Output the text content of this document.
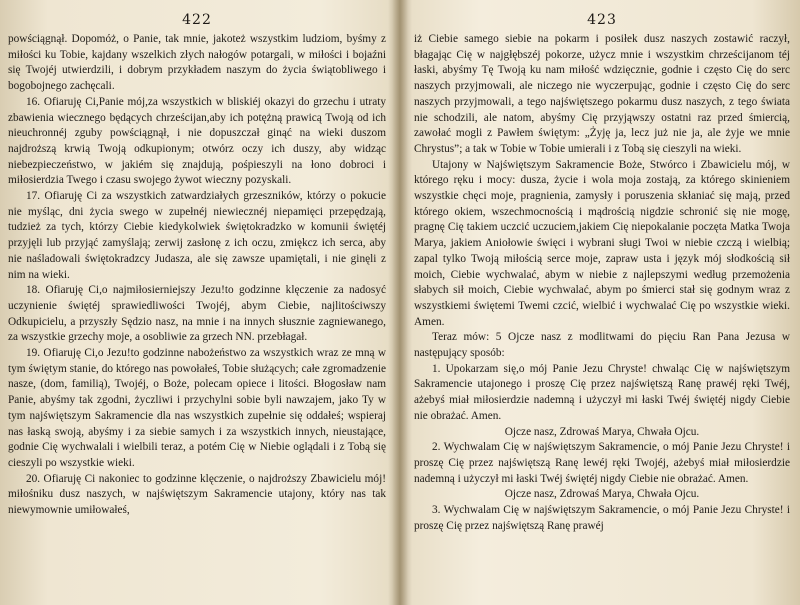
422

powściągnął. Dopomóż, o Panie, tak mnie, jakoteż wszystkim ludziom, byśmy z miłości ku Tobie, kajdany wszelkich złych nałogów potargali, w miłości i bojaźni się Twojéj utwierdzili, i dobrym przykładem naszym do życia świątobliwego i bogobojnego zachęcali.

16. Ofiaruję Ci,Panie mój,za wszystkich w bliskiéj okazyi do grzechu i utraty zbawienia wiecznego będących chrześcijan,aby ich potężną prawicą Twoją od ich nieuchronnéj zguby powściągnął, i nie dopuszczał ginąć na wieki duszom najdroższą krwią Twoją odkupionym; otwórz oczy ich duszy, aby widząc niebezpieczeństwo, w jakiém się znajdują, pośpieszyli na łono dobroci i miłosierdzia Twego i czasu swojego żywot wieczny pozyskali.

17. Ofiaruję Ci za wszystkich zatwardziałych grzeszników, którzy o pokucie nie myśląc, dni życia swego w zupełnéj niewiecznéj niepamięci przepędzają, tudzież za tych, którzy Ciebie kiedykolwiek świętokradzko w komunii świętéj przyjęli lub przyjąć zamyślają; zerwij zasłonę z ich oczu, zmiękcz ich serca, aby nie naśladowali świętokradzcy Judasza, ale się zawsze upamiętali, i nie ginęli z nim na wieki.

18. Ofiaruję Ci,o najmiłosierniejszy Jezu!to godzinne klęczenie za nadosyć uczynienie świętéj sprawiedliwości Twojéj, abym Ciebie, najlitościwszy Odkupicielu, a przyszły Sędzio nasz, na mnie i na innych słusznie zagniewanego, za wszystkie grzechy moje, a osobliwie za grzech NN. przebłagał.

19. Ofiaruję Ci,o Jezu!to godzinne nabożeństwo za wszystkich wraz ze mną w tym świętym stanie, do którego nas powołałeś, Tobie służących; całe zgromadzenie nasze, (dom, familią), Twojéj, o Boże, polecam opiece i litości. Błogosław nam Panie, abyśmy tak zgodni, życzliwi i przychylni sobie byli nawzajem, jako Ty w tym najświętszym Sakramencie dla nas wszystkich zupełnie się oddałeś; wspieraj nas łaską swoją, abyśmy i za siebie samych i za wszystkich innych, nieustające, godnie Cię wychwalali i wielbili teraz, a potém Cię w Niebie oglądali i z Tobą się cieszyli po wszystkie wieki.

20. Ofiaruję Ci nakoniec to godzinne klęczenie, o najdroższy Zbawicielu mój! miłośniku dusz naszych, w najświętszym Sakramencie utajony, który nas tak niewymownie umiłowałeś,

423

iż Ciebie samego siebie na pokarm i posiłek dusz naszych zostawić raczył, błagając Cię w najgłębszéj pokorze, użycz mnie i wszystkim chrześcijanom téj łaski, abyśmy Tę Twoją ku nam miłość wdzięcznie, godnie i często Cię do serc naszych przyjmowali, ale niczego nie wyczerpując, godnie i często Cię do serc naszych przyjmowali, a tego najświętszego pokarmu dusz naszych, z tego świata nie schodzili, ale natom, abyśmy Cię przyjąwszy ostatni raz przed śmiercią, zawołać mogli z Pawłem świętym: „Żyję ja, lecz już nie ja, ale żyje we mnie Chrystus”; a tak w Tobie w Tobie umierali i z Tobą się cieszyli na wieki.

Utajony w Najświętszym Sakramencie Boże, Stwórco i Zbawicielu mój, w którego ręku i mocy: dusza, życie i wola moja zostają, za którego skinieniem wszystkie chęci moje, pragnienia, zamysły i poruszenia skłaniać się mają, przed którego okiem, wszechmocnością i mądrością nigdzie schronić się nie mogę, pragnę Cię takiem uczcić uczuciem,jakiem Cię niepokalanie poczęta Matka Twoja Marya, jakiem Aniołowie święci i wybrani sługi Twoi w niebie czczą i wielbią; zapal tylko Twoją miłością serce moje, zapraw usta i język mój słodkością sił moich, Ciebie wychwalać, abym w niebie z najlepszymi według przemożenia słabych sił moich, Ciebie wychwalać, abym po śmierci stał się godnym wraz z wszystkiemi świętemi Twemi czcić, wielbić i wychwalać Cię po wszystkie wieki. Amen.

Teraz mów: 5 Ojcze nasz z modlitwami do pięciu Ran Pana Jezusa w następujący sposób:

1. Upokarzam się,o mój Panie Jezu Chryste! chwaląc Cię w najświętszym Sakramencie utajonego i proszę Cię przez najświętszą Ranę prawéj ręki Twéj, ażebyś miał miłosierdzie nademną i użyczył mi łaski Twéj świętéj nigdy Ciebie nie obrażać. Amen.

Ojcze nasz, Zdrowaś Marya, Chwała Ojcu.

2. Wychwalam Cię w najświętszym Sakramencie, o mój Panie Jezu Chryste! i proszę Cię przez najświętszą Ranę lewéj ręki Twojéj, ażebyś miał miłosierdzie nademną i użyczył mi łaski Twéj świętéj nigdy Ciebie nie obrażać. Amen.

Ojcze nasz, Zdrowaś Marya, Chwała Ojcu.

3. Wychwalam Cię w najświętszym Sakramencie, o mój Panie Jezu Chryste! i proszę Cię przez najświętszą Ranę prawéj
